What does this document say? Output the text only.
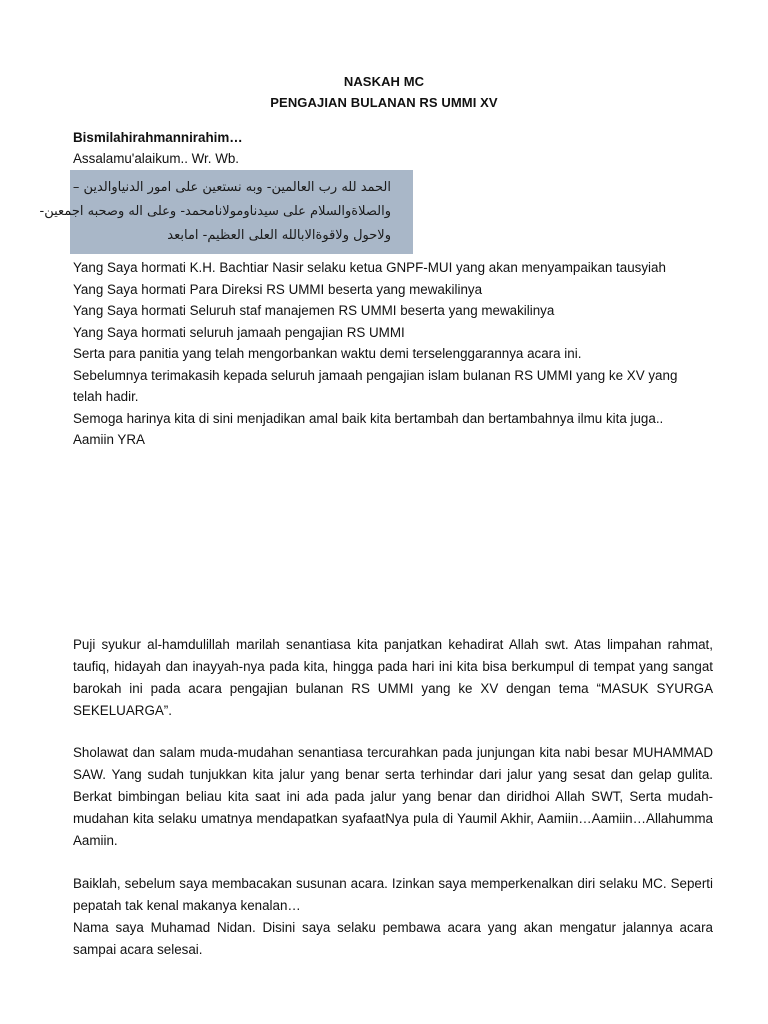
NASKAH MC
PENGAJIAN BULANAN RS UMMI XV
Bismilahirahmannirahim…
Assalamu'alaikum.. Wr. Wb.
الحمد لله رب العالمين- وبه نستعين على امور الدنياوالدين –
والصلاةوالسلام على سيدناومولانامحمد- وعلى اله وصحبه اجمعين-
ولاحول ولاقوةالابالله العلى العظيم- امابعد
Yang Saya hormati K.H. Bachtiar Nasir selaku ketua GNPF-MUI yang akan menyampaikan tausyiah
Yang Saya hormati Para Direksi RS UMMI beserta yang mewakilinya
Yang Saya hormati Seluruh staf manajemen RS UMMI beserta yang mewakilinya
Yang Saya hormati seluruh jamaah pengajian RS UMMI
Serta para panitia yang telah mengorbankan waktu demi terselenggarannya acara ini.
Sebelumnya terimakasih kepada seluruh jamaah pengajian islam bulanan RS UMMI yang ke XV yang
telah hadir.
Semoga harinya kita di sini menjadikan amal baik kita bertambah dan bertambahnya ilmu kita juga..
Aamiin YRA

Puji syukur al-hamdulillah marilah senantiasa kita panjatkan kehadirat Allah swt. Atas limpahan rahmat, taufiq, hidayah dan inayyah-nya pada kita, hingga pada hari ini kita bisa berkumpul di tempat yang sangat barokah ini pada acara pengajian bulanan RS UMMI yang ke XV dengan tema “MASUK SYURGA SEKELUARGA”.

Sholawat dan salam muda-mudahan senantiasa tercurahkan pada junjungan kita nabi besar MUHAMMAD SAW. Yang sudah tunjukkan kita jalur yang benar serta terhindar dari jalur yang sesat dan gelap gulita. Berkat bimbingan beliau kita saat ini ada pada jalur yang benar dan diridhoi Allah SWT, Serta mudah-mudahan kita selaku umatnya mendapatkan syafaatNya pula di Yaumil Akhir, Aamiin…Aamiin…Allahumma Aamiin.

Baiklah, sebelum saya membacakan susunan acara. Izinkan saya memperkenalkan diri selaku MC. Seperti pepatah tak kenal makanya kenalan…

Nama saya Muhamad Nidan. Disini saya selaku pembawa acara yang akan mengatur jalannya acara sampai acara selesai.
